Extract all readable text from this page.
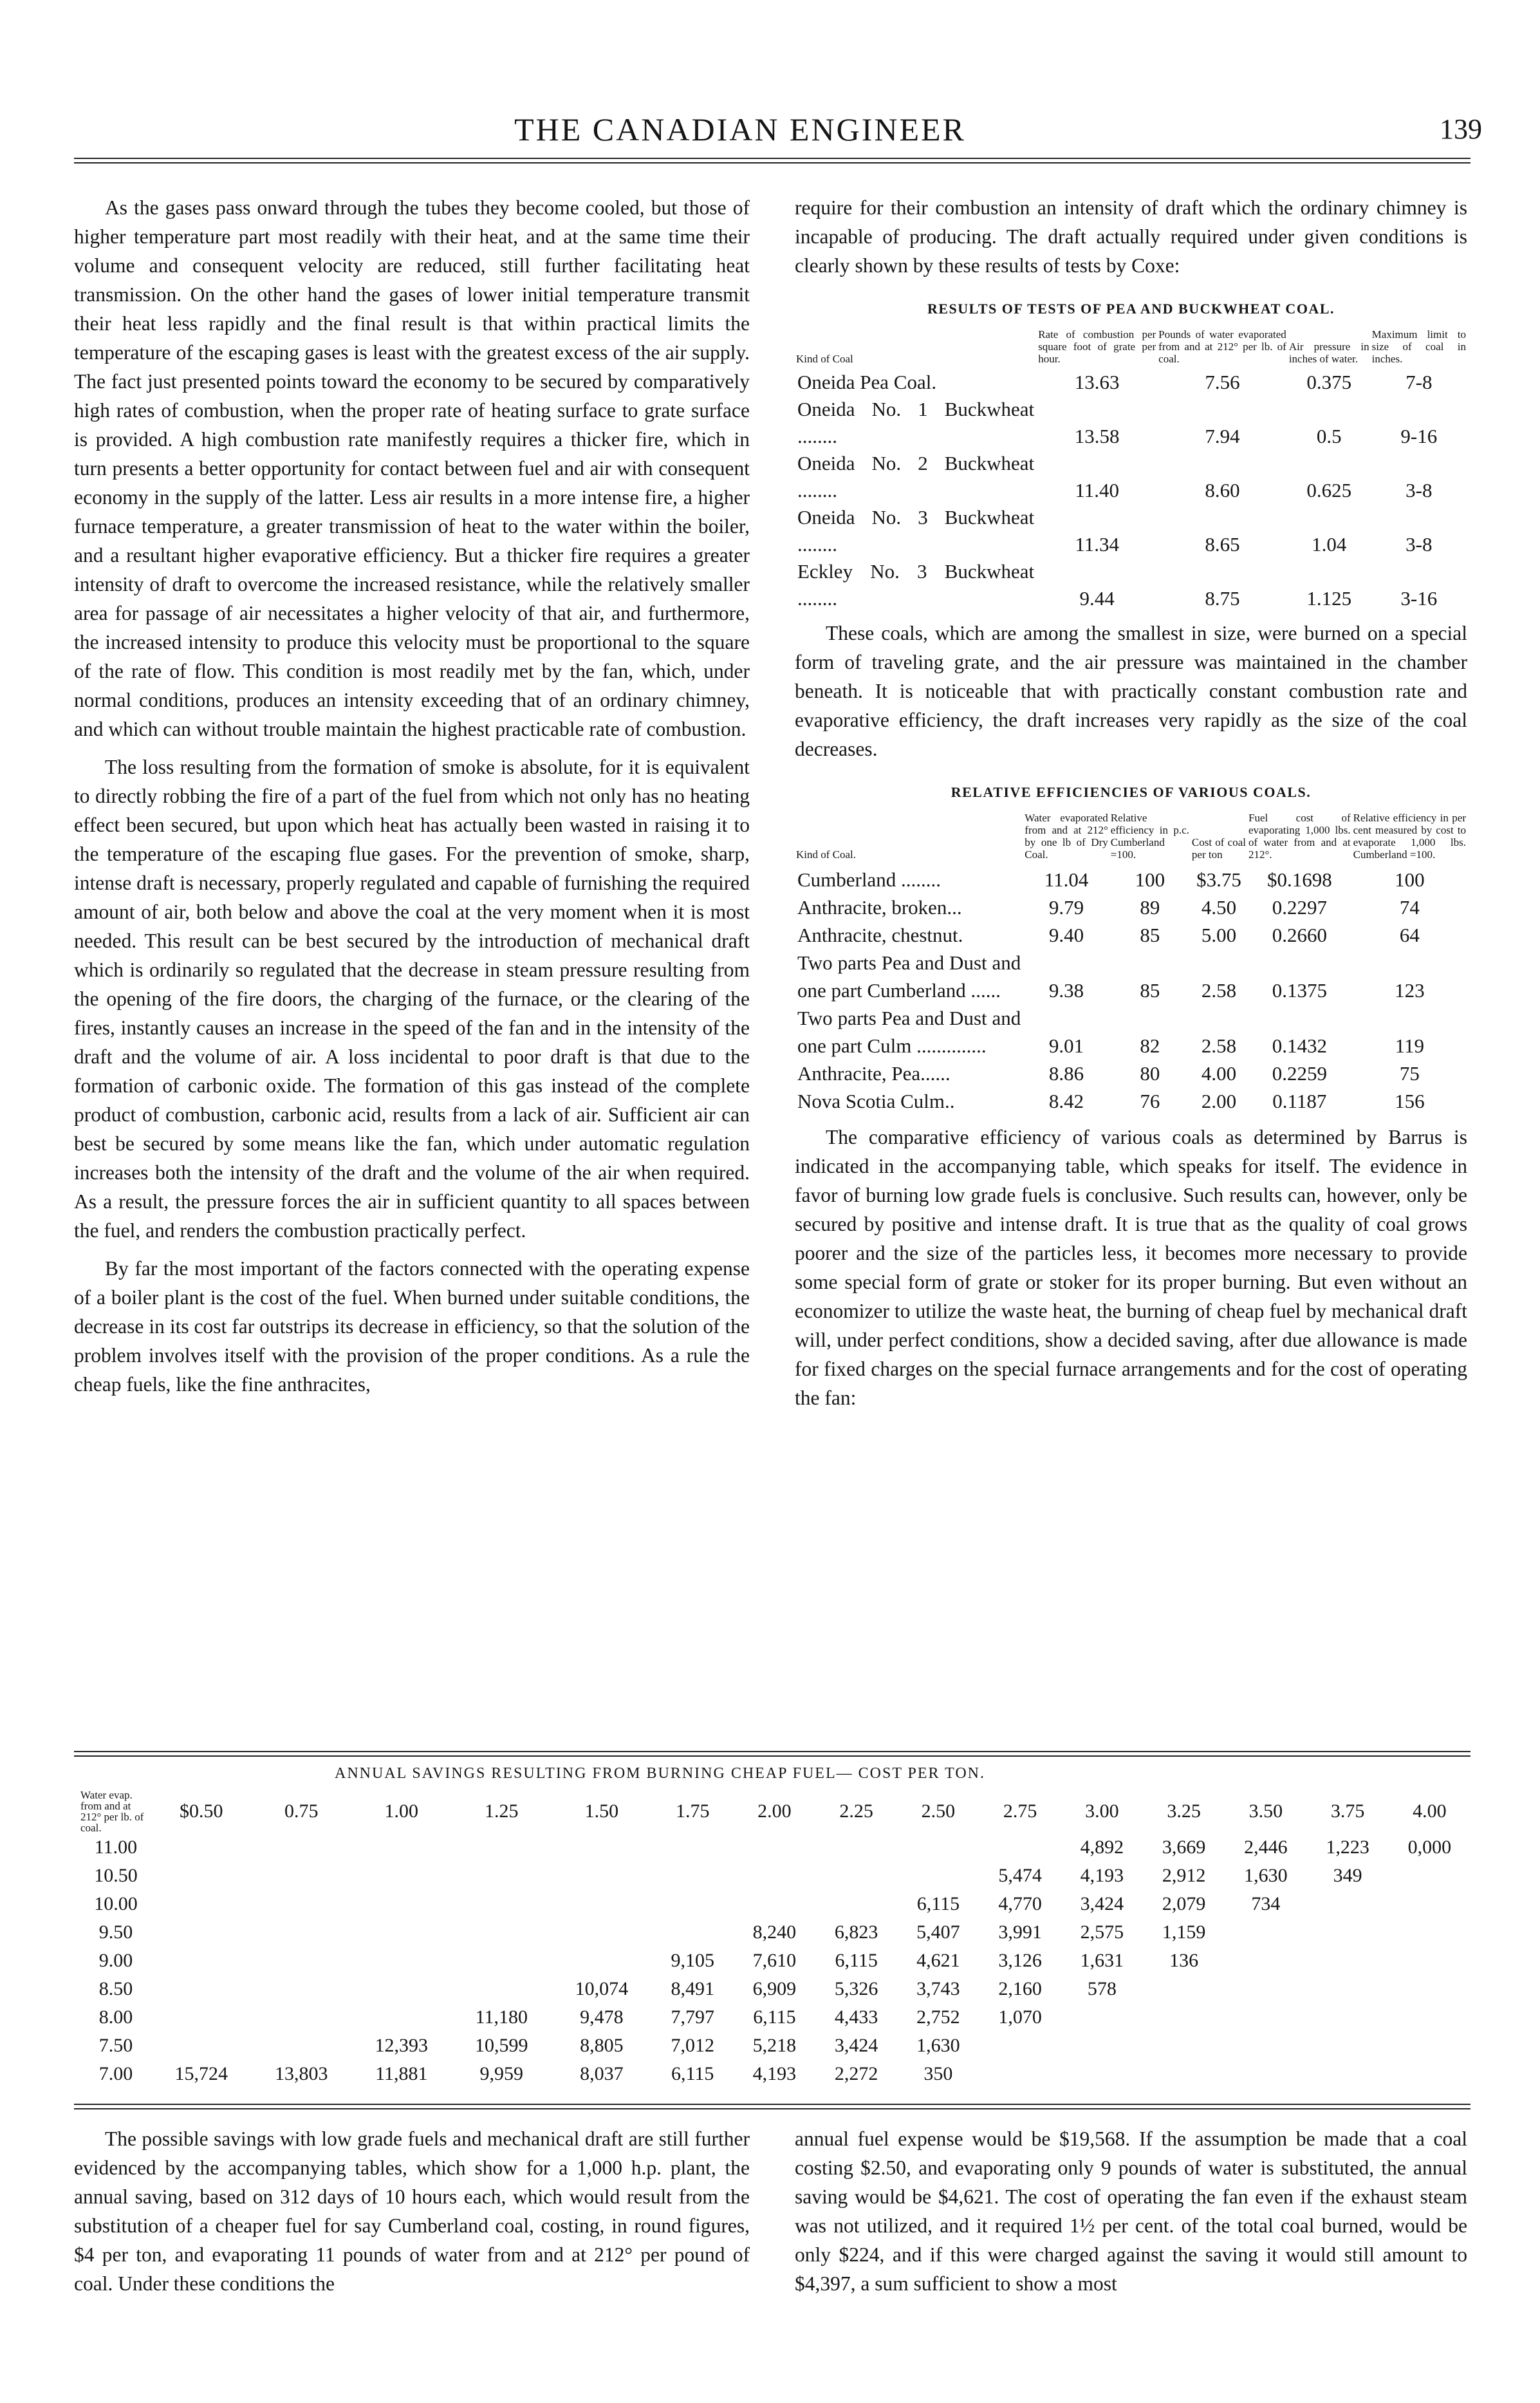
THE CANADIAN ENGINEER	139

As the gases pass onward through the tubes they become cooled, but those of higher temperature part most readily with their heat, and at the same time their volume and consequent velocity are reduced, still further facilitating heat transmission. On the other hand the gases of lower initial temperature transmit their heat less rapidly and the final result is that within practical limits the temperature of the escaping gases is least with the greatest excess of the air supply. The fact just presented points toward the economy to be secured by comparatively high rates of combustion, when the proper rate of heating surface to grate surface is provided. A high combustion rate manifestly requires a thicker fire, which in turn presents a better opportunity for contact between fuel and air with consequent economy in the supply of the latter. Less air results in a more intense fire, a higher furnace temperature, a greater transmission of heat to the water within the boiler, and a resultant higher evaporative efficiency. But a thicker fire requires a greater intensity of draft to overcome the increased resistance, while the relatively smaller area for passage of air necessitates a higher velocity of that air, and furthermore, the increased intensity to produce this velocity must be proportional to the square of the rate of flow. This condition is most readily met by the fan, which, under normal conditions, produces an intensity exceeding that of an ordinary chimney, and which can without trouble maintain the highest practicable rate of combustion.

The loss resulting from the formation of smoke is absolute, for it is equivalent to directly robbing the fire of a part of the fuel from which not only has no heating effect been secured, but upon which heat has actually been wasted in raising it to the temperature of the escaping flue gases. For the prevention of smoke, sharp, intense draft is necessary, properly regulated and capable of furnishing the required amount of air, both below and above the coal at the very moment when it is most needed. This result can be best secured by the introduction of mechanical draft which is ordinarily so regulated that the decrease in steam pressure resulting from the opening of the fire doors, the charging of the furnace, or the clearing of the fires, instantly causes an increase in the speed of the fan and in the intensity of the draft and the volume of air. A loss incidental to poor draft is that due to the formation of carbonic oxide. The formation of this gas instead of the complete product of combustion, carbonic acid, results from a lack of air. Sufficient air can best be secured by some means like the fan, which under automatic regulation increases both the intensity of the draft and the volume of the air when required. As a result, the pressure forces the air in sufficient quantity to all spaces between the fuel, and renders the combustion practically perfect.

By far the most important of the factors connected with the operating expense of a boiler plant is the cost of the fuel. When burned under suitable conditions, the decrease in its cost far outstrips its decrease in efficiency, so that the solution of the problem involves itself with the provision of the proper conditions. As a rule the cheap fuels, like the fine anthracites,

require for their combustion an intensity of draft which the ordinary chimney is incapable of producing. The draft actually required under given conditions is clearly shown by these results of tests by Coxe:

RESULTS OF TESTS OF PEA AND BUCKWHEAT COAL.
Kind of Coal	Rate of combustion per square foot of grate per hour.	Pounds of water evaporated from and at 212° per lb. of coal.	Air pressure in inches of water.	Maximum limit to size of coal in inches.
Oneida Pea Coal.	13.63	7.56	0.375	7-8
Oneida No. 1 Buckwheat ........	13.58	7.94	0.5	9-16
Oneida No. 2 Buckwheat ........	11.40	8.60	0.625	3-8
Oneida No. 3 Buckwheat ........	11.34	8.65	1.04	3-8
Eckley No. 3 Buckwheat ........	9.44	8.75	1.125	3-16

These coals, which are among the smallest in size, were burned on a special form of traveling grate, and the air pressure was maintained in the chamber beneath. It is noticeable that with practically constant combustion rate and evaporative efficiency, the draft increases very rapidly as the size of the coal decreases.

RELATIVE EFFICIENCIES OF VARIOUS COALS.
Kind of Coal.	Water evaporated from and at 212° by one lb of Dry Coal.	Relative efficiency in p.c. Cumberland =100.	Cost of coal per ton	Fuel cost of evaporating 1,000 lbs. of water from and at 212°.	Relative efficiency in per cent measured by cost to evaporate 1,000 lbs. Cumberland =100.
Cumberland ........	11.04	100	$3.75	$0.1698	100
Anthracite, broken...	9.79	89	4.50	0.2297	74
Anthracite, chestnut.	9.40	85	5.00	0.2660	64
Two parts Pea and Dust and one part Cumberland ......	9.38	85	2.58	0.1375	123
Two parts Pea and Dust and one part Culm ..............	9.01	82	2.58	0.1432	119
Anthracite, Pea......	8.86	80	4.00	0.2259	75
Nova Scotia Culm..	8.42	76	2.00	0.1187	156

The comparative efficiency of various coals as determined by Barrus is indicated in the accompanying table, which speaks for itself. The evidence in favor of burning low grade fuels is conclusive. Such results can, however, only be secured by positive and intense draft. It is true that as the quality of coal grows poorer and the size of the particles less, it becomes more necessary to provide some special form of grate or stoker for its proper burning. But even without an economizer to utilize the waste heat, the burning of cheap fuel by mechanical draft will, under perfect conditions, show a decided saving, after due allowance is made for fixed charges on the special furnace arrangements and for the cost of operating the fan:

ANNUAL SAVINGS RESULTING FROM BURNING CHEAP FUEL— COST PER TON.
Water evap. from and at 212° per lb. of coal.	$0.50	0.75	1.00	1.25	1.50	1.75	2.00	2.25	2.50	2.75	3.00	3.25	3.50	3.75	4.00
11.00											4,892	3,669	2,446	1,223	0,000
10.50										5,474	4,193	2,912	1,630	349	
10.00									6,115	4,770	3,424	2,079	734		
9.50							8,240	6,823	5,407	3,991	2,575	1,159			
9.00						9,105	7,610	6,115	4,621	3,126	1,631	136			
8.50					10,074	8,491	6,909	5,326	3,743	2,160	578				
8.00				11,180	9,478	7,797	6,115	4,433	2,752	1,070					
7.50			12,393	10,599	8,805	7,012	5,218	3,424	1,630						
7.00	15,724	13,803	11,881	9,959	8,037	6,115	4,193	2,272	350						

The possible savings with low grade fuels and mechanical draft are still further evidenced by the accompanying tables, which show for a 1,000 h.p. plant, the annual saving, based on 312 days of 10 hours each, which would result from the substitution of a cheaper fuel for say Cumberland coal, costing, in round figures, $4 per ton, and evaporating 11 pounds of water from and at 212° per pound of coal. Under these conditions the

annual fuel expense would be $19,568. If the assumption be made that a coal costing $2.50, and evaporating only 9 pounds of water is substituted, the annual saving would be $4,621. The cost of operating the fan even if the exhaust steam was not utilized, and it required 1½ per cent. of the total coal burned, would be only $224, and if this were charged against the saving it would still amount to $4,397, a sum sufficient to show a most
